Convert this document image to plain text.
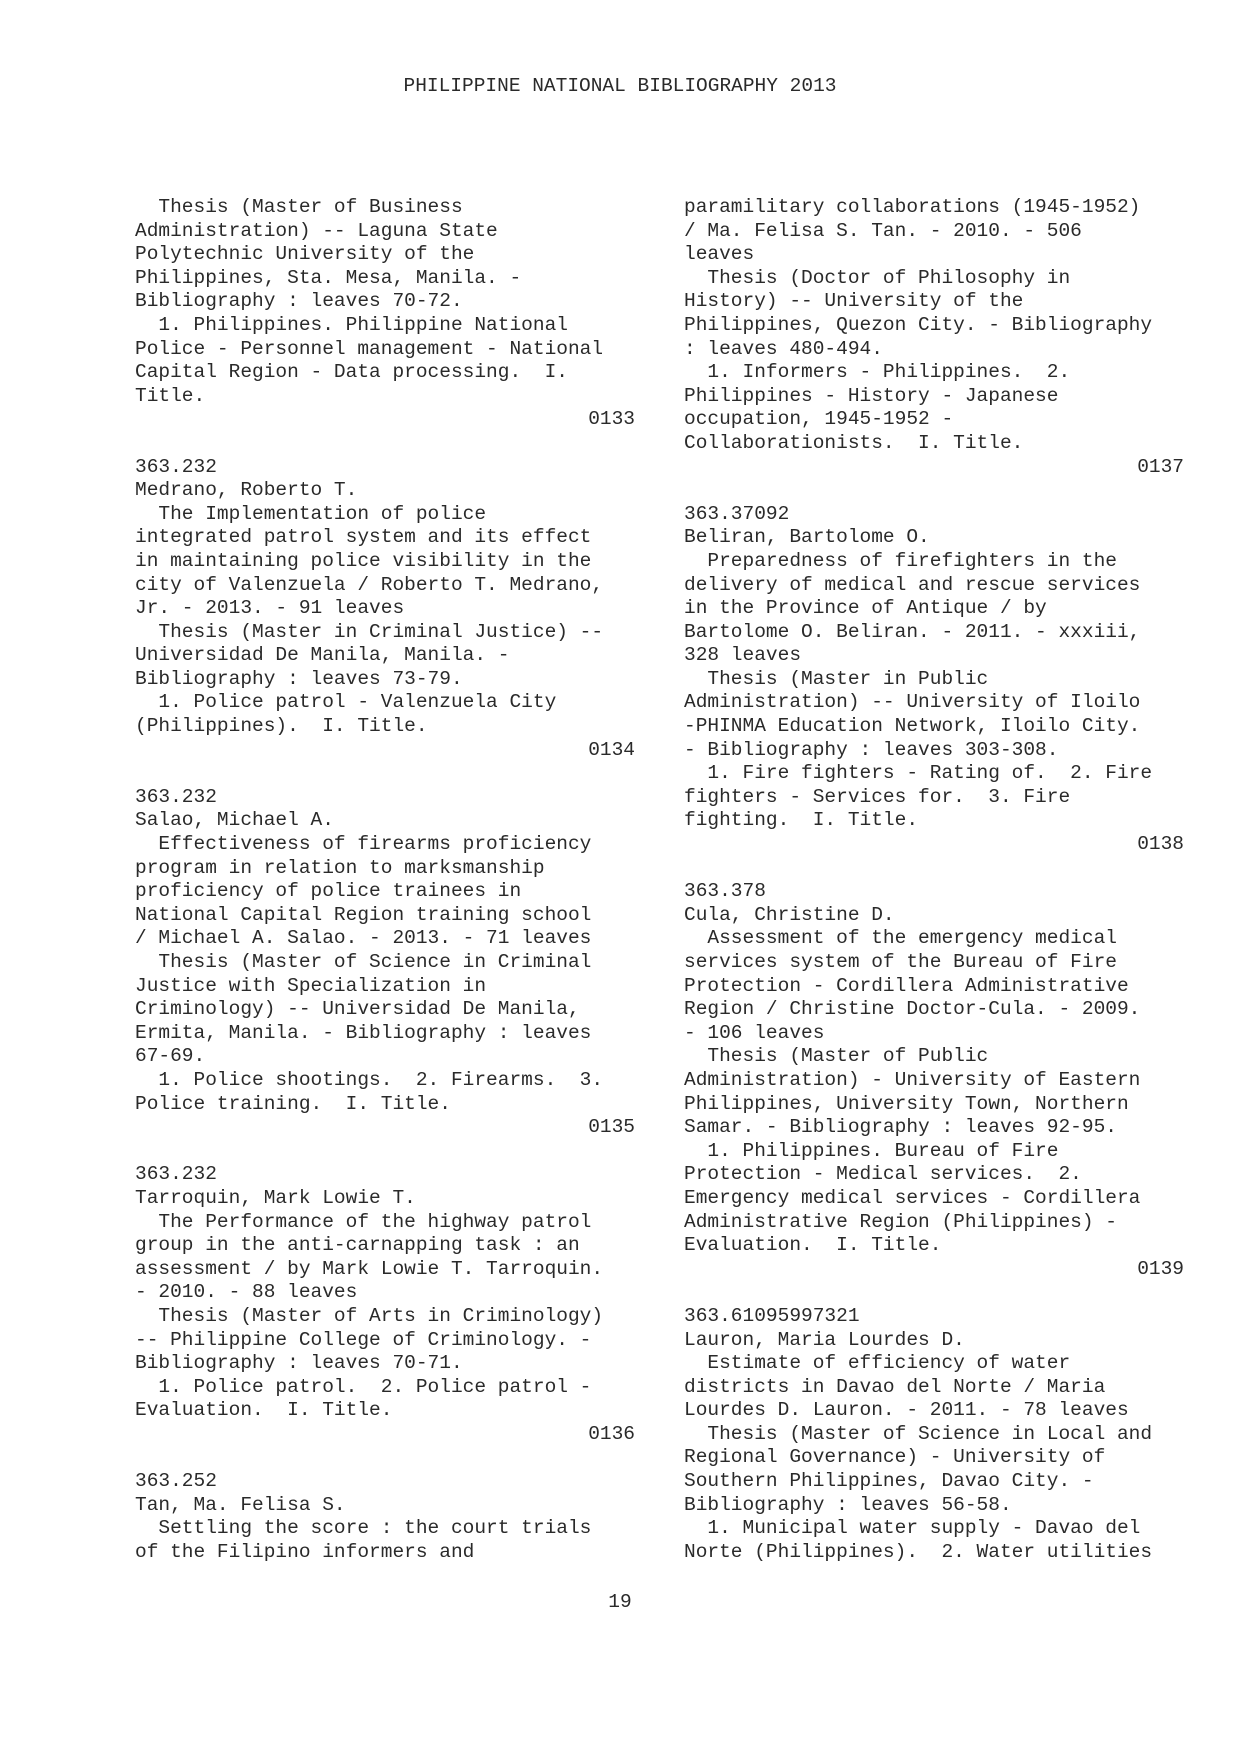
PHILIPPINE NATIONAL BIBLIOGRAPHY 2013

Thesis (Master of Business

Administration) -- Laguna State

Polytechnic University of the

Philippines, Sta. Mesa, Manila. -

Bibliography : leaves 70-72.

1. Philippines. Philippine National

Police - Personnel management - National

Capital Region - Data processing.  I.

Title.

0133

363.232

Medrano, Roberto T.

The Implementation of police

integrated patrol system and its effect

in maintaining police visibility in the

city of Valenzuela / Roberto T. Medrano,

Jr. - 2013. - 91 leaves

Thesis (Master in Criminal Justice) --

Universidad De Manila, Manila. -

Bibliography : leaves 73-79.

1. Police patrol - Valenzuela City

(Philippines).  I. Title.

0134

363.232

Salao, Michael A.

Effectiveness of firearms proficiency

program in relation to marksmanship

proficiency of police trainees in

National Capital Region training school

/ Michael A. Salao. - 2013. - 71 leaves

Thesis (Master of Science in Criminal

Justice with Specialization in

Criminology) -- Universidad De Manila,

Ermita, Manila. - Bibliography : leaves

67-69.

1. Police shootings.  2. Firearms.  3.

Police training.  I. Title.

0135

363.232

Tarroquin, Mark Lowie T.

The Performance of the highway patrol

group in the anti-carnapping task : an

assessment / by Mark Lowie T. Tarroquin.

- 2010. - 88 leaves

Thesis (Master of Arts in Criminology)

-- Philippine College of Criminology. -

Bibliography : leaves 70-71.

1. Police patrol.  2. Police patrol -

Evaluation.  I. Title.

0136

363.252

Tan, Ma. Felisa S.

Settling the score : the court trials

of the Filipino informers and

paramilitary collaborations (1945-1952)

/ Ma. Felisa S. Tan. - 2010. - 506

leaves

Thesis (Doctor of Philosophy in

History) -- University of the

Philippines, Quezon City. - Bibliography

: leaves 480-494.

1. Informers - Philippines.  2.

Philippines - History - Japanese

occupation, 1945-1952 -

Collaborationists.  I. Title.

0137

363.37092

Beliran, Bartolome O.

Preparedness of firefighters in the

delivery of medical and rescue services

in the Province of Antique / by

Bartolome O. Beliran. - 2011. - xxxiii,

328 leaves

Thesis (Master in Public

Administration) -- University of Iloilo

-PHINMA Education Network, Iloilo City.

- Bibliography : leaves 303-308.

1. Fire fighters - Rating of.  2. Fire

fighters - Services for.  3. Fire

fighting.  I. Title.

0138

363.378

Cula, Christine D.

Assessment of the emergency medical

services system of the Bureau of Fire

Protection - Cordillera Administrative

Region / Christine Doctor-Cula. - 2009.

- 106 leaves

Thesis (Master of Public

Administration) - University of Eastern

Philippines, University Town, Northern

Samar. - Bibliography : leaves 92-95.

1. Philippines. Bureau of Fire

Protection - Medical services.  2.

Emergency medical services - Cordillera

Administrative Region (Philippines) -

Evaluation.  I. Title.

0139

363.61095997321

Lauron, Maria Lourdes D.

Estimate of efficiency of water

districts in Davao del Norte / Maria

Lourdes D. Lauron. - 2011. - 78 leaves

Thesis (Master of Science in Local and

Regional Governance) - University of

Southern Philippines, Davao City. -

Bibliography : leaves 56-58.

1. Municipal water supply - Davao del

Norte (Philippines).  2. Water utilities

19
